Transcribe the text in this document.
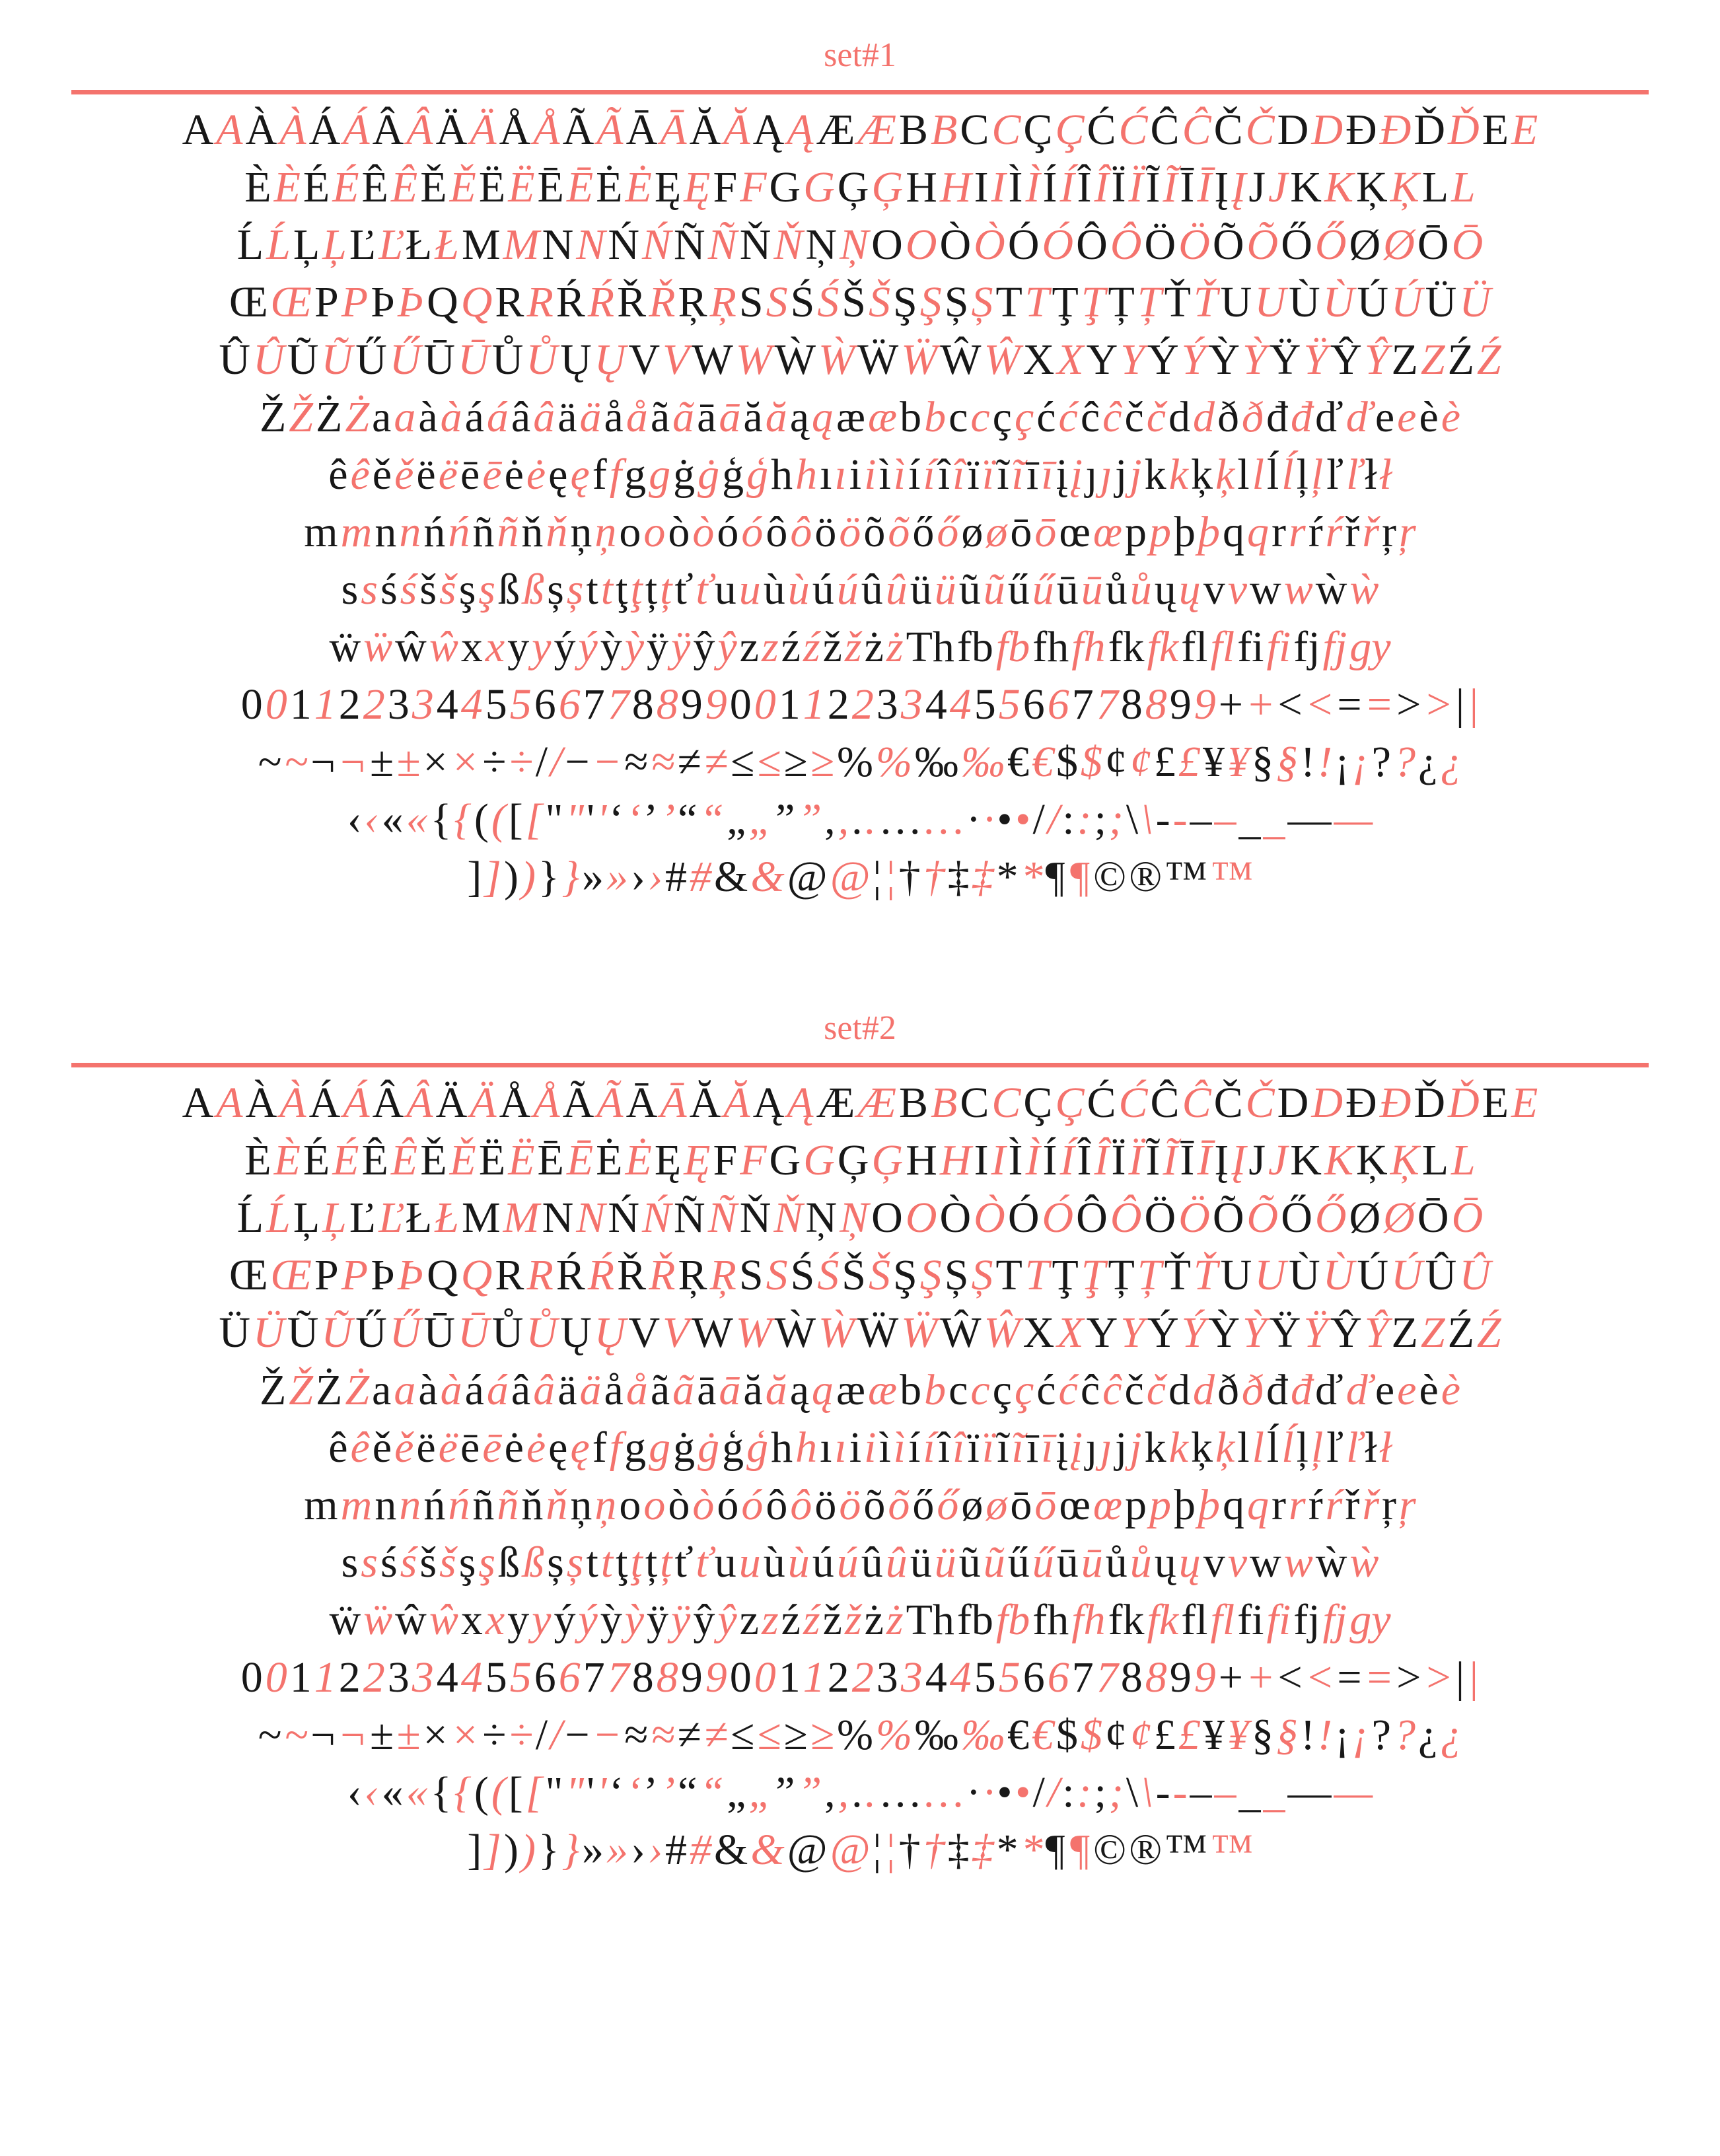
set#1
AAÀÀÁÁÂÂÄÄÅÅÃÃĀĀĂĂĄĄÆÆBBCCÇÇĆĆĈĈČČDDĐĐĎĎEE
ÈÈÉÉÊÊĚĚËËĒĒĖĖĘĘFFGGĢĢHHIIÌÌÍÍÎÎÏÏĨĨĪĪĮĮJJKKĶĶLL
ĹĹĻĻĽĽŁŁMMNNŃŃÑÑŇŇŅŅOOÒÒÓÓÔÔÖÖÕÕŐŐØØŌŌ
ŒŒPPÞÞQQRRŔŔŘŘŖŖSSŚŚŠŠŞŞȘȘTTŢŢȚȚŤŤUUÙÙÚÚÜÜ
ÛÛŨŨŰŰŪŪŮŮŲŲVVWWẀẀẄẄŴŴXXYYÝÝỲỲŸŸŶŶZZŹŹ
ŽŽŻŻaaààááââääååããāāăăąąææbbccççććĉĉččddððđđďďeeèè
êêěěëëēēėėęęffggġġģģhhııiiììííîîïïĩĩīīįįȷȷjjkkķķllĺĺļļľľłł
mmnnńńññňňņņooòòóóôôööõõőőøøōōœœppþþqqrrŕŕřřŗŗ
ssśśššşşßßșșttţţțțťťuuùùúúûûüüũũűűūūůůųųvvwwẁẁ
ẅẅŵŵxxyyýýỳỳÿÿŷŷzzźźžžżżThfbfbfhfhfkfkflflfififjfjgy
0011223344556677889900112233445566778899++<<==>>||
~~¬¬±±××÷÷//−−≈≈≠≠≤≤≥≥%%‰‰€€$$¢¢££¥¥§§!!¡¡??¿¿
‹‹««{{(([[""''‘‘’’““„„””,,..……··••//::;;\\--––__——
]]))}}»»››##&&@@¦¦††‡‡**¶¶©®™™
set#2
AAÀÀÁÁÂÂÄÄÅÅÃÃĀĀĂĂĄĄÆÆBBCCÇÇĆĆĈĈČČDDĐĐĎĎEE
ÈÈÉÉÊÊĚĚËËĒĒĖĖĘĘFFGGĢĢHHIIÌÌÍÍÎÎÏÏĨĨĪĪĮĮJJKKĶĶLL
ĹĹĻĻĽĽŁŁMMNNŃŃÑÑŇŇŅŅOOÒÒÓÓÔÔÖÖÕÕŐŐØØŌŌ
ŒŒPPÞÞQQRRŔŔŘŘŖŖSSŚŚŠŠŞŞȘȘTTŢŢȚȚŤŤUUÙÙÚÚÛÛ
ÜÜŨŨŰŰŪŪŮŮŲŲVVWWẀẀẄẄŴŴXXYYÝÝỲỲŸŸŶŶZZŹŹ
ŽŽŻŻaaààááââääååããāāăăąąææbbccççććĉĉččddððđđďďeeèè
êêěěëëēēėėęęffggġġģģhhııiiììííîîïïĩĩīīįįȷȷjjkkķķllĺĺļļľľłł
mmnnńńññňňņņooòòóóôôööõõőőøøōōœœppþþqqrrŕŕřřŗŗ
ssśśššşşßßșșttţţțțťťuuùùúúûûüüũũűűūūůůųųvvwwẁẁ
ẅẅŵŵxxyyýýỳỳÿÿŷŷzzźźžžżżThfbfbfhfhfkfkflflfififjfjgy
0011223344556677889900112233445566778899++<<==>>||
~~¬¬±±××÷÷//−−≈≈≠≠≤≤≥≥%%‰‰€€$$¢¢££¥¥§§!!¡¡??¿¿
‹‹««{{(([[""''‘‘’’““„„””,,..……··••//::;;\\--––__——
]]))}}»»››##&&@@¦¦††‡‡**¶¶©®™™
